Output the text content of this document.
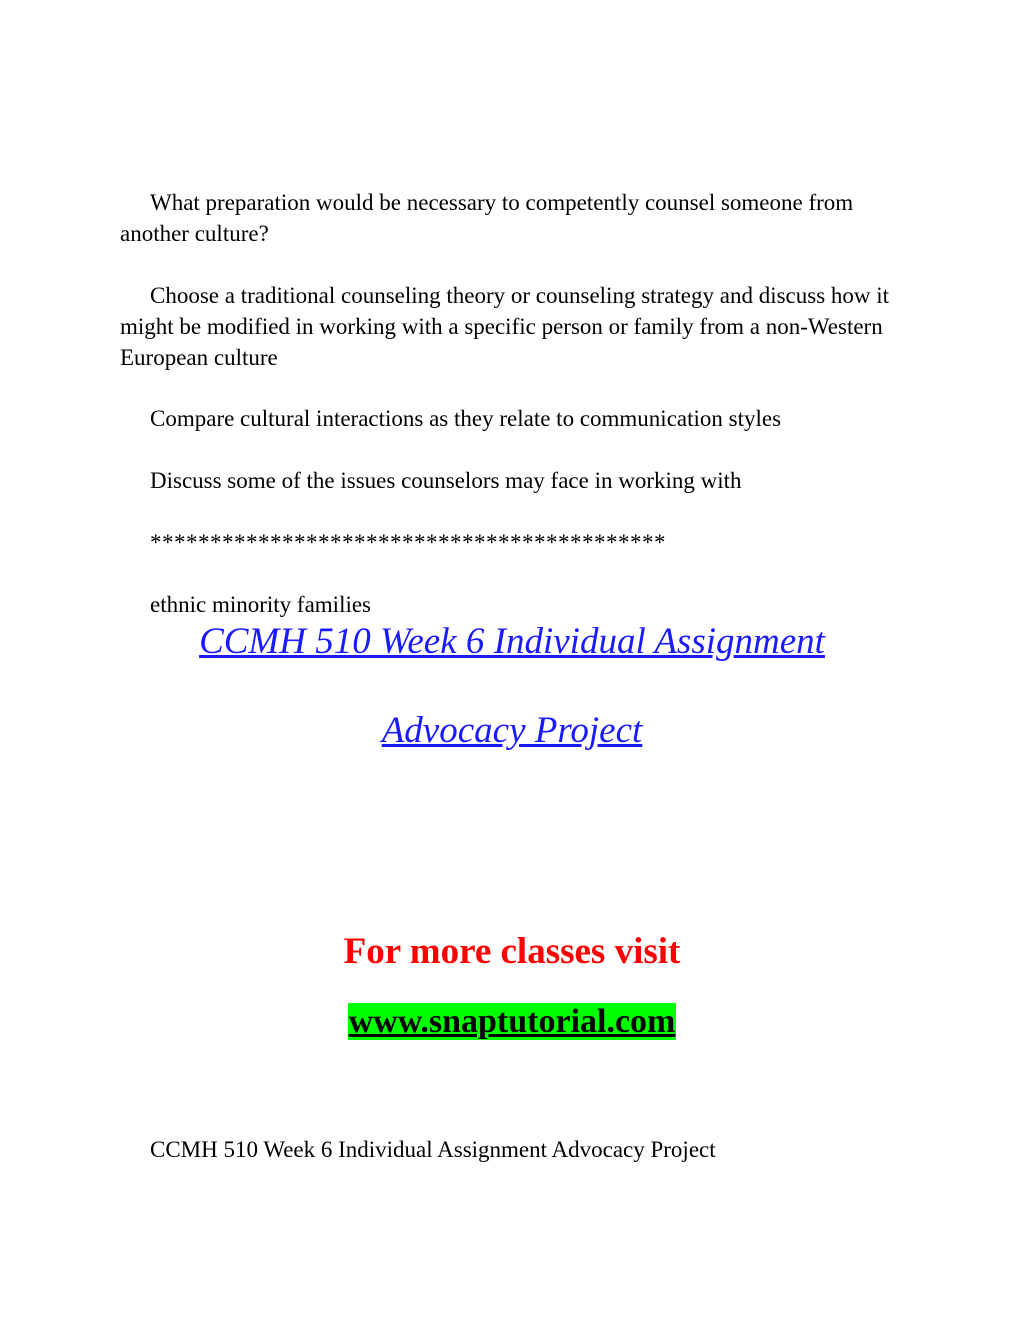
What preparation would be necessary to competently counsel someone from another culture?

Choose a traditional counseling theory or counseling strategy and discuss how it might be modified in working with a specific person or family from a non-Western European culture

Compare cultural interactions as they relate to communication styles

Discuss some of the issues counselors may face in working with

*******************************************

ethnic minority families

CCMH 510 Week 6 Individual Assignment

Advocacy Project

For more classes visit

www.snaptutorial.com

CCMH 510 Week 6 Individual Assignment Advocacy Project
